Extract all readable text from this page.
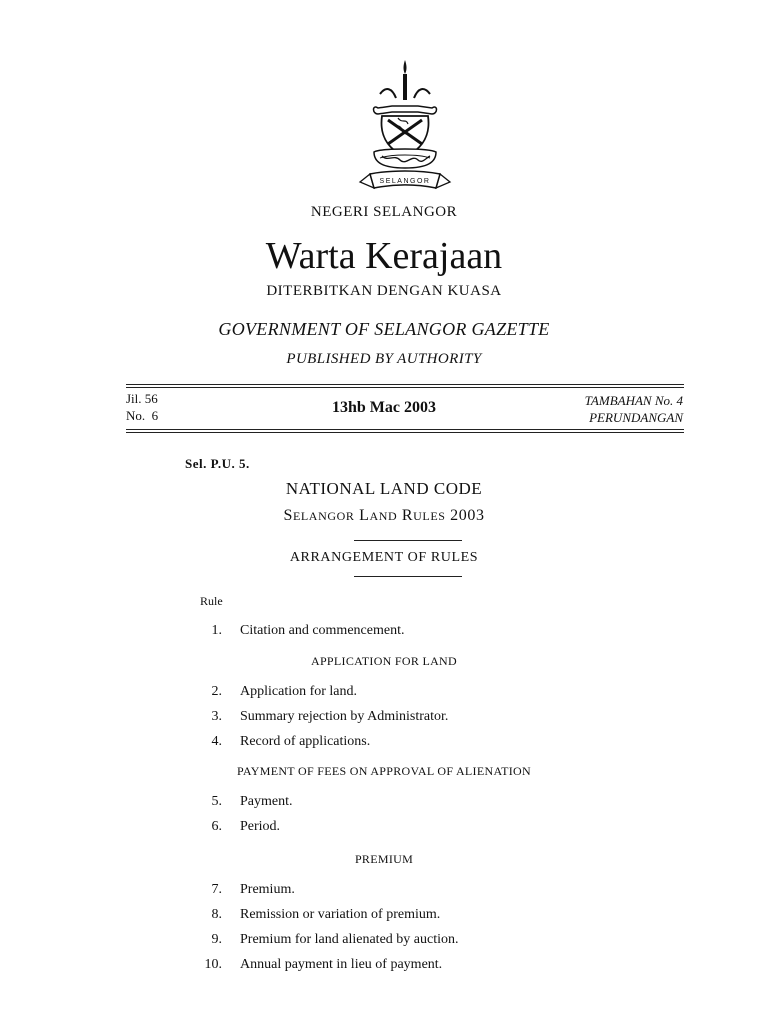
SELANGOR
NEGERI SELANGOR
Warta Kerajaan
DITERBITKAN DENGAN KUASA
GOVERNMENT OF SELANGOR GAZETTE
PUBLISHED BY AUTHORITY
Jil. 56
No.  6	13hb Mac 2003	TAMBAHAN No. 4
PERUNDANGAN
Sel. P.U. 5.
NATIONAL LAND CODE
SELANGOR LAND RULES 2003
ARRANGEMENT OF RULES
Rule
1. Citation and commencement.
APPLICATION FOR LAND
2. Application for land.
3. Summary rejection by Administrator.
4. Record of applications.
PAYMENT OF FEES ON APPROVAL OF ALIENATION
5. Payment.
6. Period.
PREMIUM
7. Premium.
8. Remission or variation of premium.
9. Premium for land alienated by auction.
10. Annual payment in lieu of payment.
